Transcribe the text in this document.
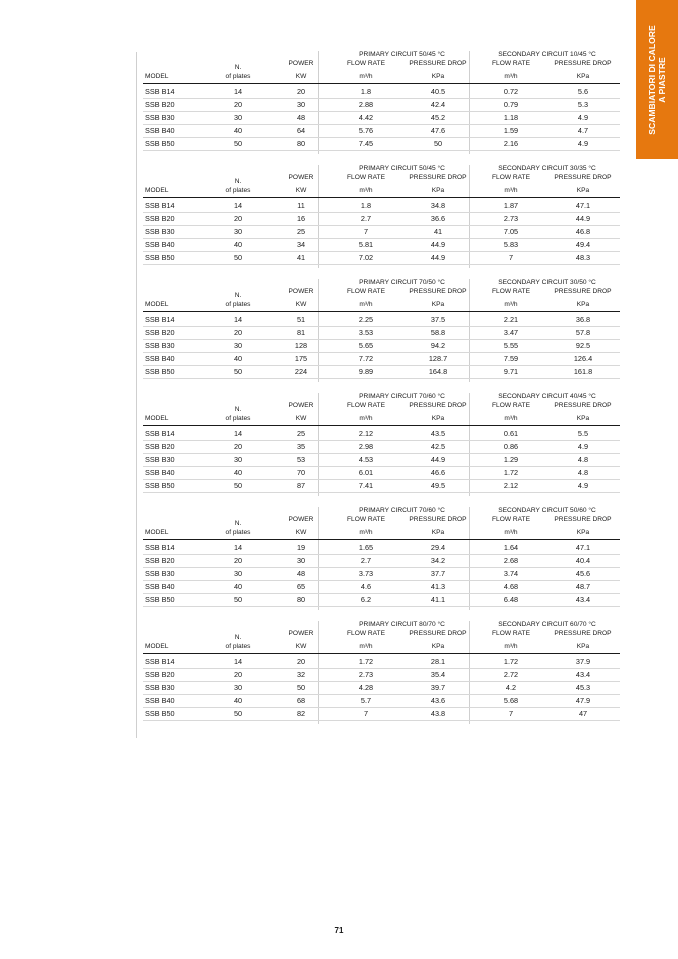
SCAMBIATORI DI CALORE A PIASTRE
PRIMARY CIRCUIT 50/45 °C	SECONDARY CIRCUIT 10/45 °C
N.
POWER	FLOW RATE	PRESSURE DROP	FLOW RATE	PRESSURE DROP
MODEL	of plates	KW	m³/h	KPa	m³/h	KPa
SSB B14	14	20	1.8	40.5	0.72	5.6
SSB B20	20	30	2.88	42.4	0.79	5.3
SSB B30	30	48	4.42	45.2	1.18	4.9
SSB B40	40	64	5.76	47.6	1.59	4.7
SSB B50	50	80	7.45	50	2.16	4.9
PRIMARY CIRCUIT 50/45 °C	SECONDARY CIRCUIT 30/35 °C
N.
POWER	FLOW RATE	PRESSURE DROP	FLOW RATE	PRESSURE DROP
MODEL	of plates	KW	m³/h	KPa	m³/h	KPa
SSB B14	14	11	1.8	34.8	1.87	47.1
SSB B20	20	16	2.7	36.6	2.73	44.9
SSB B30	30	25	7	41	7.05	46.8
SSB B40	40	34	5.81	44.9	5.83	49.4
SSB B50	50	41	7.02	44.9	7	48.3
PRIMARY CIRCUIT 70/50 °C	SECONDARY CIRCUIT 30/50 °C
N.
POWER	FLOW RATE	PRESSURE DROP	FLOW RATE	PRESSURE DROP
MODEL	of plates	KW	m³/h	KPa	m³/h	KPa
SSB B14	14	51	2.25	37.5	2.21	36.8
SSB B20	20	81	3.53	58.8	3.47	57.8
SSB B30	30	128	5.65	94.2	5.55	92.5
SSB B40	40	175	7.72	128.7	7.59	126.4
SSB B50	50	224	9.89	164.8	9.71	161.8
PRIMARY CIRCUIT 70/60 °C	SECONDARY CIRCUIT 40/45 °C
N.
POWER	FLOW RATE	PRESSURE DROP	FLOW RATE	PRESSURE DROP
MODEL	of plates	KW	m³/h	KPa	m³/h	KPa
SSB B14	14	25	2.12	43.5	0.61	5.5
SSB B20	20	35	2.98	42.5	0.86	4.9
SSB B30	30	53	4.53	44.9	1.29	4.8
SSB B40	40	70	6.01	46.6	1.72	4.8
SSB B50	50	87	7.41	49.5	2.12	4.9
PRIMARY CIRCUIT 70/60 °C	SECONDARY CIRCUIT 50/60 °C
N.
POWER	FLOW RATE	PRESSURE DROP	FLOW RATE	PRESSURE DROP
MODEL	of plates	KW	m³/h	KPa	m³/h	KPa
SSB B14	14	19	1.65	29.4	1.64	47.1
SSB B20	20	30	2.7	34.2	2.68	40.4
SSB B30	30	48	3.73	37.7	3.74	45.6
SSB B40	40	65	4.6	41.3	4.68	48.7
SSB B50	50	80	6.2	41.1	6.48	43.4
PRIMARY CIRCUIT 80/70 °C	SECONDARY CIRCUIT 60/70 °C
N.
POWER	FLOW RATE	PRESSURE DROP	FLOW RATE	PRESSURE DROP
MODEL	of plates	KW	m³/h	KPa	m³/h	KPa
SSB B14	14	20	1.72	28.1	1.72	37.9
SSB B20	20	32	2.73	35.4	2.72	43.4
SSB B30	30	50	4.28	39.7	4.2	45.3
SSB B40	40	68	5.7	43.6	5.68	47.9
SSB B50	50	82	7	43.8	7	47
71
